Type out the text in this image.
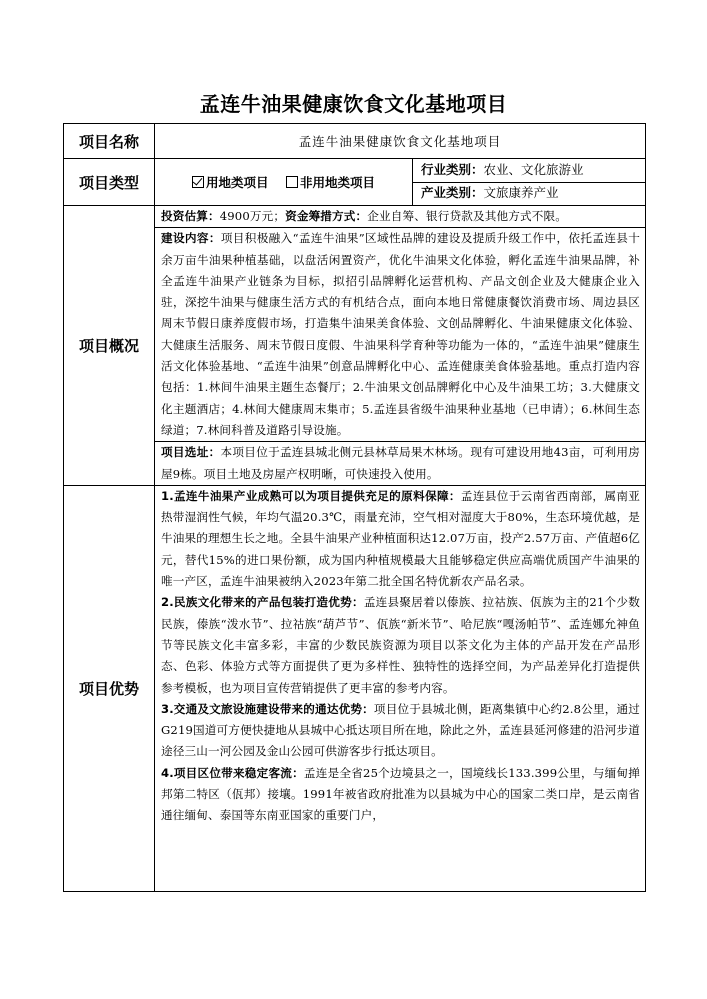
孟连牛油果健康饮食文化基地项目
项目名称	孟连牛油果健康饮食文化基地项目	
项目类型	用地类项目 非用地类项目	行业类别：农业、文化旅游业
产业类别：文旅康养产业

项目概况	投资估算：4900万元；资金筹措方式：企业自筹、银行贷款及其他方式不限。
建设内容：项目积极融入“孟连牛油果”区域性品牌的建设及提质升级工作中，依托孟连县十余万亩牛油果种植基础，以盘活闲置资产，优化牛油果文化体验，孵化孟连牛油果品牌，补全孟连牛油果产业链条为目标，拟招引品牌孵化运营机构、产品文创企业及大健康企业入驻，深挖牛油果与健康生活方式的有机结合点，面向本地日常健康餐饮消费市场、周边县区周末节假日康养度假市场，打造集牛油果美食体验、文创品牌孵化、牛油果健康文化体验、大健康生活服务、周末节假日度假、牛油果科学育种等功能为一体的，“孟连牛油果”健康生活文化体验基地、“孟连牛油果”创意品牌孵化中心、孟连健康美食体验基地。重点打造内容包括：1.林间牛油果主题生态餐厅；2.牛油果文创品牌孵化中心及牛油果工坊；3.大健康文化主题酒店；4.林间大健康周末集市；5.孟连县省级牛油果种业基地（已申请）；6.林间生态绿道；7.林间科普及道路引导设施。
项目选址：本项目位于孟连县城北侧元县林草局果木林场。现有可建设用地43亩，可利用房屋9栋。项目土地及房屋产权明晰，可快速投入使用。	

项目优势	1.孟连牛油果产业成熟可以为项目提供充足的原料保障：孟连县位于云南省西南部，属南亚热带湿润性气候，年均气温20.3℃，雨量充沛，空气相对湿度大于80%，生态环境优越，是牛油果的理想生长之地。全县牛油果产业种植面积达12.07万亩，投产2.57万亩、产值超6亿元，替代15%的进口果份额，成为国内种植规模最大且能够稳定供应高端优质国产牛油果的唯一产区，孟连牛油果被纳入2023年第二批全国名特优新农产品名录。
2.民族文化带来的产品包装打造优势：孟连县聚居着以傣族、拉祜族、佤族为主的21个少数民族，傣族“泼水节”、拉祜族“葫芦节”、佤族“新米节”、哈尼族“嘎汤帕节”、孟连娜允神鱼节等民族文化丰富多彩，丰富的少数民族资源为项目以茶文化为主体的产品开发在产品形态、色彩、体验方式等方面提供了更为多样性、独特性的选择空间，为产品差异化打造提供参考模板，也为项目宣传营销提供了更丰富的参考内容。
3.交通及文旅设施建设带来的通达优势：项目位于县城北侧，距离集镇中心约2.8公里，通过G219国道可方便快捷地从县城中心抵达项目所在地，除此之外，孟连县延河修建的沿河步道途径三山一河公园及金山公园可供游客步行抵达项目。
4.项目区位带来稳定客流：孟连是全省25个边境县之一，国境线长133.399公里，与缅甸掸邦第二特区（佤邦）接壤。1991年被省政府批准为以县城为中心的国家二类口岸，是云南省通往缅甸、泰国等东南亚国家的重要门户，	
